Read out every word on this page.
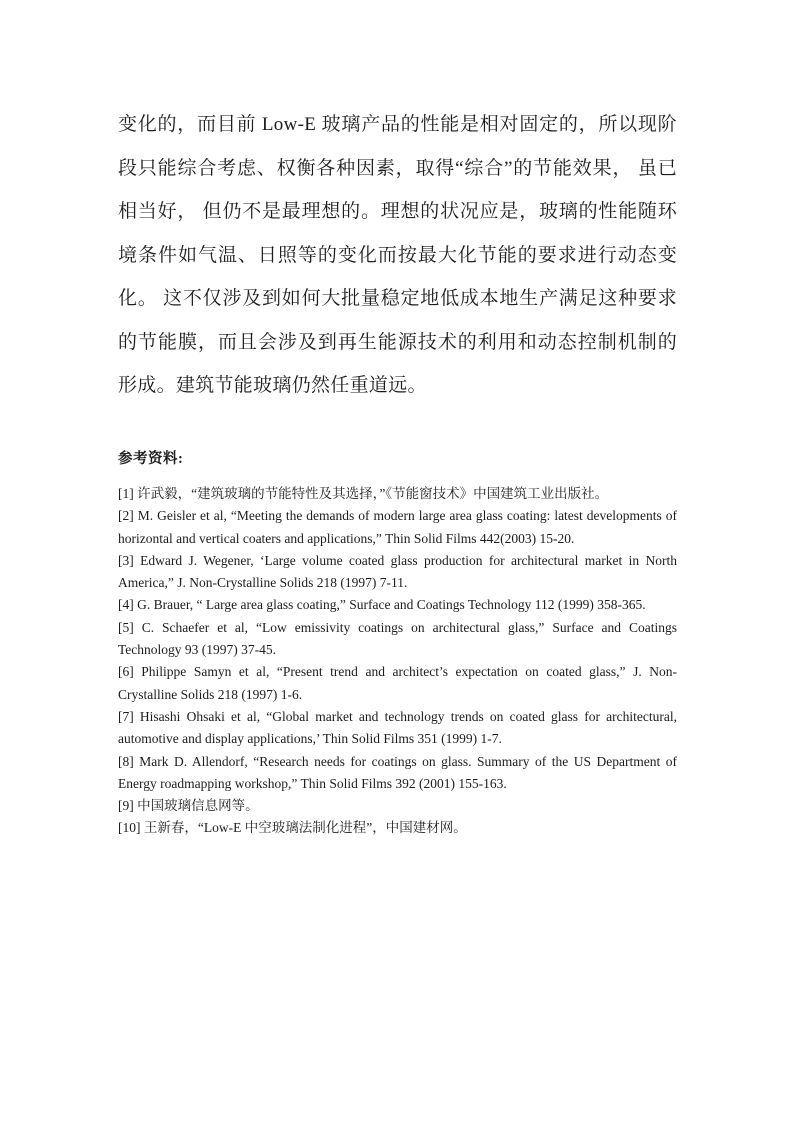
变化的，而目前 Low-E 玻璃产品的性能是相对固定的，所以现阶段只能综合考虑、权衡各种因素，取得“综合”的节能效果， 虽已相当好， 但仍不是最理想的。理想的状况应是，玻璃的性能随环境条件如气温、日照等的变化而按最大化节能的要求进行动态变化。 这不仅涉及到如何大批量稳定地低成本地生产满足这种要求的节能膜，而且会涉及到再生能源技术的利用和动态控制机制的形成。建筑节能玻璃仍然任重道远。

参考资料:
[1] 许武毅，“建筑玻璃的节能特性及其选择，”《节能窗技术》中国建筑工业出版社。
[2] M. Geisler et al, “Meeting the demands of modern large area glass coating: latest developments of horizontal and vertical coaters and applications,” Thin Solid Films 442(2003) 15-20.
[3] Edward J. Wegener, ‘Large volume coated glass production for architectural market in North America,” J. Non-Crystalline Solids 218 (1997) 7-11.
[4] G. Brauer, “ Large area glass coating,” Surface and Coatings Technology 112 (1999) 358-365.
[5] C. Schaefer et al, “Low emissivity coatings on architectural glass,” Surface and Coatings Technology 93 (1997) 37-45.
[6] Philippe Samyn et al, “Present trend and architect’s expectation on coated glass,” J. Non-Crystalline Solids 218 (1997) 1-6.
[7] Hisashi Ohsaki et al, “Global market and technology trends on coated glass for architectural, automotive and display applications,’ Thin Solid Films 351 (1999) 1-7.
[8] Mark D. Allendorf, “Research needs for coatings on glass. Summary of the US Department of Energy roadmapping workshop,” Thin Solid Films 392 (2001) 155-163.
[9] 中国玻璃信息网等。
[10] 王新春，“Low-E 中空玻璃法制化进程”，中国建材网。
